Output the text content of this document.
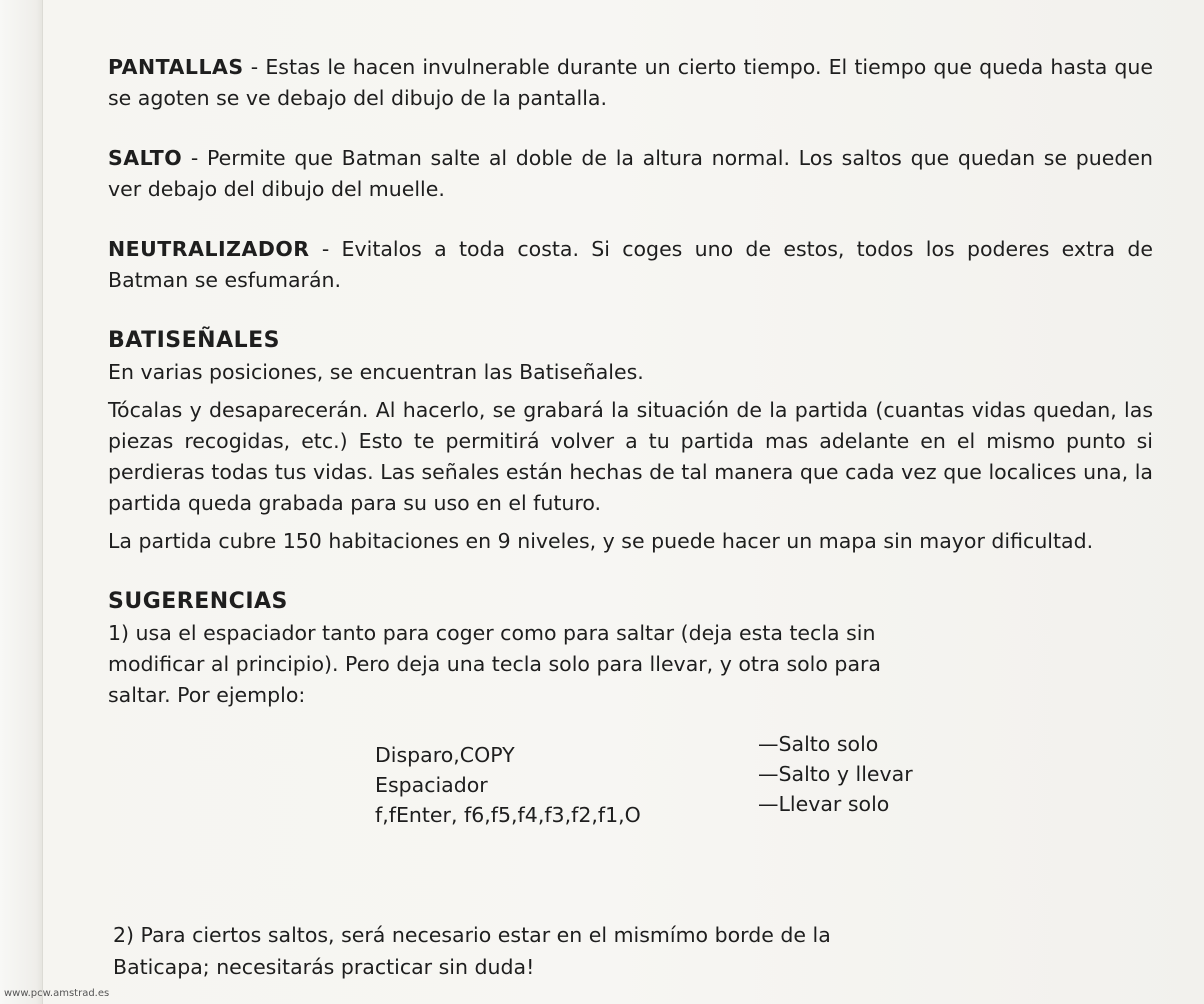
PANTALLAS - Estas le hacen invulnerable durante un cierto tiempo. El tiempo que queda hasta que se agoten se ve debajo del dibujo de la pantalla.

SALTO - Permite que Batman salte al doble de la altura normal. Los saltos que quedan se pueden ver debajo del dibujo del muelle.

NEUTRALIZADOR - Evitalos a toda costa. Si coges uno de estos, todos los poderes extra de Batman se esfumarán.

BATISEÑALES

En varias posiciones, se encuentran las Batiseñales.

Tócalas y desaparecerán. Al hacerlo, se grabará la situación de la partida (cuantas vidas quedan, las piezas recogidas, etc.) Esto te permitirá volver a tu partida mas adelante en el mismo punto si perdieras todas tus vidas. Las señales están hechas de tal manera que cada vez que localices una, la partida queda grabada para su uso en el futuro.

La partida cubre 150 habitaciones en 9 niveles, y se puede hacer un mapa sin mayor dificultad.

SUGERENCIAS

1) usa el espaciador tanto para coger como para saltar (deja esta tecla sin modificar al principio). Pero deja una tecla solo para llevar, y otra solo para saltar. Por ejemplo:

Disparo,COPY
Espaciador
f,fEnter, f6,f5,f4,f3,f2,f1,O
—Salto solo
—Salto y llevar
—Llevar solo

2) Para ciertos saltos, será necesario estar en el mismímo borde de la Baticapa; necesitarás practicar sin duda!

www.pcw.amstrad.es
